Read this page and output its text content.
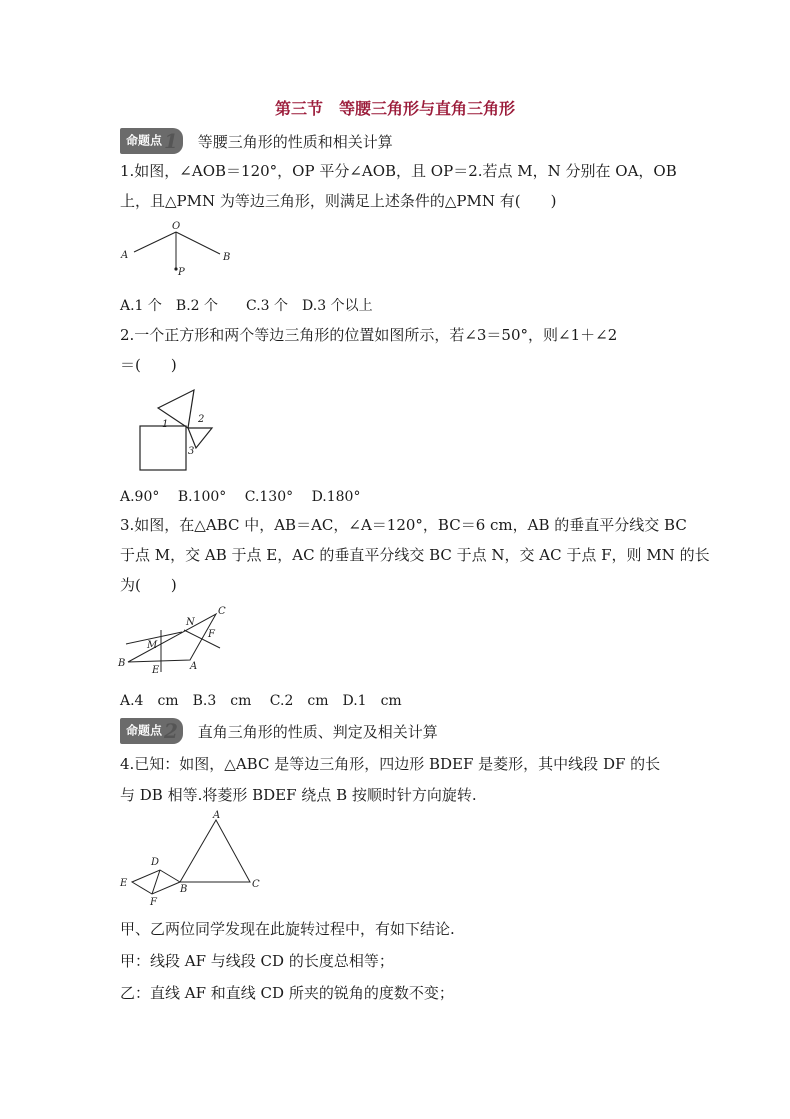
第三节　等腰三角形与直角三角形
命题点 1 等腰三角形的性质和相关计算
1.如图，∠AOB＝120°，OP 平分∠AOB，且 OP＝2.若点 M，N 分别在 OA，OB
上，且△PMN 为等边三角形，则满足上述条件的△PMN 有(　　)
O
A	B
P
A.1 个　B.2 个　　C.3 个　D.3 个以上
2.一个正方形和两个等边三角形的位置如图所示，若∠3＝50°，则∠1＋∠2
＝(　　)
1	2
3
A.90°　 B.100°　 C.130°　 D.180°
3.如图，在△ABC 中，AB＝AC，∠A＝120°，BC＝6 cm，AB 的垂直平分线交 BC
于点 M，交 AB 于点 E，AC 的垂直平分线交 BC 于点 N，交 AC 于点 F，则 MN 的长
为(　　)
B
C
A
M
N
E
F
A.4　cm　B.3　cm　 C.2　cm　D.1　cm
命题点 2 直角三角形的性质、判定及相关计算
4.已知：如图，△ABC 是等边三角形，四边形 BDEF 是菱形，其中线段 DF 的长
与 DB 相等.将菱形 BDEF 绕点 B 按顺时针方向旋转.
A
B	C
D
E
F
甲、乙两位同学发现在此旋转过程中，有如下结论.
甲：线段 AF 与线段 CD 的长度总相等；
乙：直线 AF 和直线 CD 所夹的锐角的度数不变；
